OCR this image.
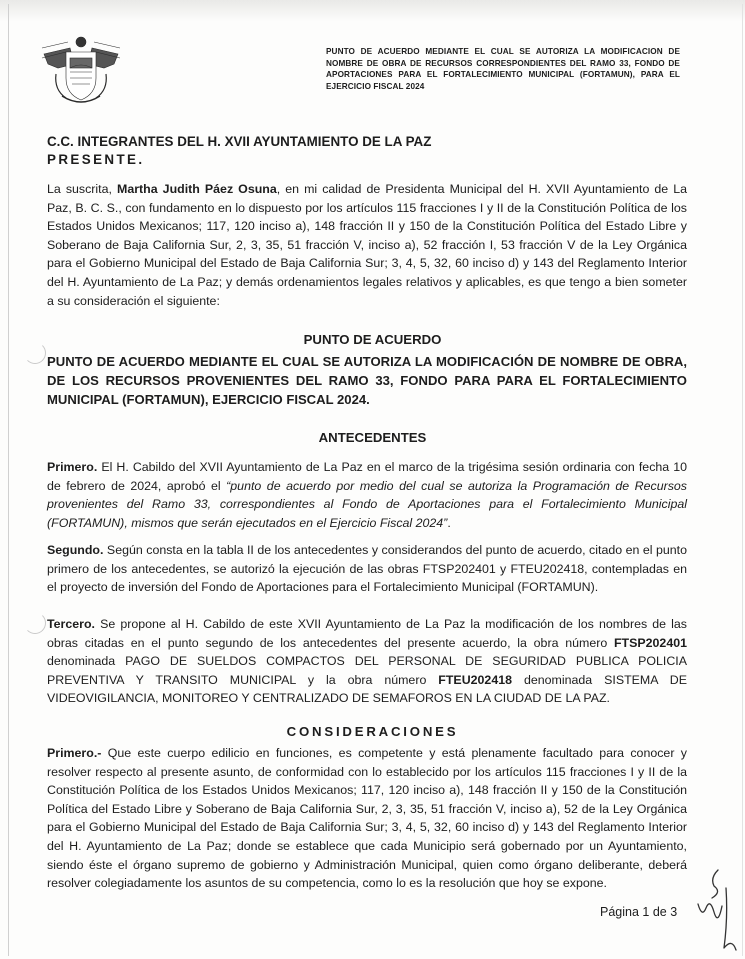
PUNTO DE ACUERDO MEDIANTE EL CUAL SE AUTORIZA LA MODIFICACION DE NOMBRE DE OBRA DE RECURSOS CORRESPONDIENTES DEL RAMO 33, FONDO DE APORTACIONES PARA EL FORTALECIMIENTO MUNICIPAL (FORTAMUN), PARA EL EJERCICIO FISCAL 2024
C.C. INTEGRANTES DEL H. XVII AYUNTAMIENTO DE LA PAZ
PRESENTE.
La suscrita, Martha Judith Páez Osuna, en mi calidad de Presidenta Municipal del H. XVII Ayuntamiento de La Paz, B. C. S., con fundamento en lo dispuesto por los artículos 115 fracciones I y II de la Constitución Política de los Estados Unidos Mexicanos; 117, 120 inciso a), 148 fracción II y 150 de la Constitución Política del Estado Libre y Soberano de Baja California Sur, 2, 3, 35, 51 fracción V, inciso a), 52 fracción I, 53 fracción V de la Ley Orgánica para el Gobierno Municipal del Estado de Baja California Sur; 3, 4, 5, 32, 60 inciso d) y 143 del Reglamento Interior del H. Ayuntamiento de La Paz; y demás ordenamientos legales relativos y aplicables, es que tengo a bien someter a su consideración el siguiente:
PUNTO DE ACUERDO
PUNTO DE ACUERDO MEDIANTE EL CUAL SE AUTORIZA LA MODIFICACIÓN DE NOMBRE DE OBRA, DE LOS RECURSOS PROVENIENTES DEL RAMO 33, FONDO PARA PARA EL FORTALECIMIENTO MUNICIPAL (FORTAMUN), EJERCICIO FISCAL 2024.
ANTECEDENTES
Primero. El H. Cabildo del XVII Ayuntamiento de La Paz en el marco de la trigésima sesión ordinaria con fecha 10 de febrero de 2024, aprobó el “punto de acuerdo por medio del cual se autoriza la Programación de Recursos provenientes del Ramo 33, correspondientes al Fondo de Aportaciones para el Fortalecimiento Municipal (FORTAMUN), mismos que serán ejecutados en el Ejercicio Fiscal 2024”.
Segundo. Según consta en la tabla II de los antecedentes y considerandos del punto de acuerdo, citado en el punto primero de los antecedentes, se autorizó la ejecución de las obras FTSP202401 y FTEU202418, contempladas en el proyecto de inversión del Fondo de Aportaciones para el Fortalecimiento Municipal (FORTAMUN).
Tercero. Se propone al H. Cabildo de este XVII Ayuntamiento de La Paz la modificación de los nombres de las obras citadas en el punto segundo de los antecedentes del presente acuerdo, la obra número FTSP202401 denominada PAGO DE SUELDOS COMPACTOS DEL PERSONAL DE SEGURIDAD PUBLICA POLICIA PREVENTIVA Y TRANSITO MUNICIPAL y la obra número FTEU202418 denominada SISTEMA DE VIDEOVIGILANCIA, MONITOREO Y CENTRALIZADO DE SEMAFOROS EN LA CIUDAD DE LA PAZ.
CONSIDERACIONES
Primero.- Que este cuerpo edilicio en funciones, es competente y está plenamente facultado para conocer y resolver respecto al presente asunto, de conformidad con lo establecido por los artículos 115 fracciones I y II de la Constitución Política de los Estados Unidos Mexicanos; 117, 120 inciso a), 148 fracción II y 150 de la Constitución Política del Estado Libre y Soberano de Baja California Sur, 2, 3, 35, 51 fracción V, inciso a), 52 de la Ley Orgánica para el Gobierno Municipal del Estado de Baja California Sur; 3, 4, 5, 32, 60 inciso d) y 143 del Reglamento Interior del H. Ayuntamiento de La Paz; donde se establece que cada Municipio será gobernado por un Ayuntamiento, siendo éste el órgano supremo de gobierno y Administración Municipal, quien como órgano deliberante, deberá resolver colegiadamente los asuntos de su competencia, como lo es la resolución que hoy se expone.
Página 1 de 3
